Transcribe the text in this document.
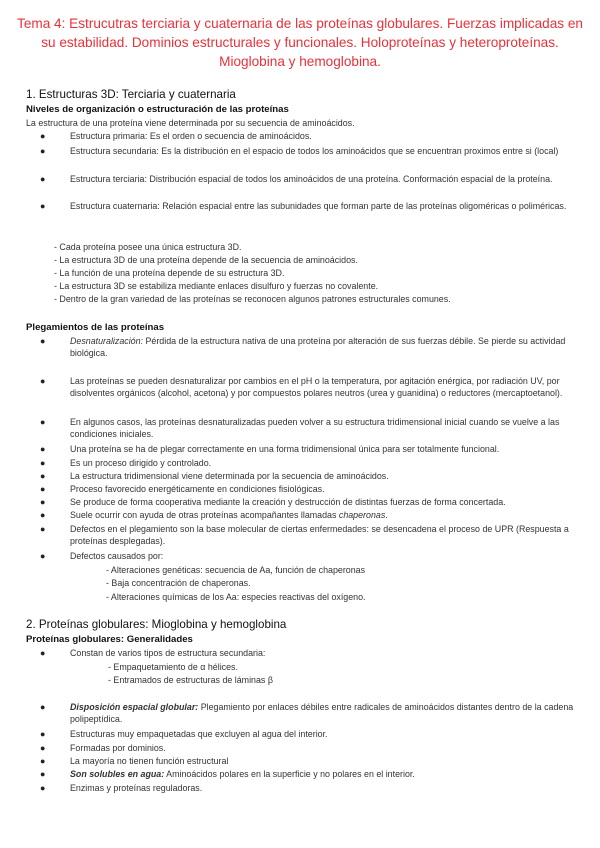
Tema 4: Estrucutras terciaria y cuaternaria de las proteínas globulares. Fuerzas implicadas en su estabilidad. Dominios estructurales y funcionales. Holoproteínas y heteroproteínas. Mioglobina y hemoglobina.
1. Estructuras 3D: Terciaria y cuaternaria
Niveles de organización o estructuración de las proteínas
La estructura de una proteína viene determinada por su secuencia de aminoácidos.
●	Estructura primaria: Es el orden o secuencia de aminoácidos.
●	Estructura secundaria: Es la distribución en el espacio de todos los aminoácidos que se encuentran proximos entre si (local)
●	Estructura terciaria: Distribución espacial de todos los aminoácidos de una proteína. Conformación espacial de la proteína.
●	Estructura cuaternaria: Relación espacial entre las subunidades que forman parte de las proteínas oligoméricas o poliméricas.
- Cada proteína posee una única estructura 3D.
- La estructura 3D de una proteína depende de la secuencia de aminoácidos.
- La función de una proteína depende de su estructura 3D.
- La estructura 3D se estabiliza mediante enlaces disulfuro y fuerzas no covalente.
- Dentro de la gran variedad de las proteínas se reconocen algunos patrones estructurales comunes.
Plegamientos de las proteínas
●	Desnaturalización: Pérdida de la estructura nativa de una proteína por alteración de sus fuerzas débile. Se pierde su actividad biológica.
●	Las proteínas se pueden desnaturalizar por cambios en el pH o la temperatura, por agitación enérgica, por radiación UV, por disolventes orgánicos (alcohol, acetona) y por compuestos polares neutros (urea y guanidina) o reductores (mercaptoetanol).
●	En algunos casos, las proteínas desnaturalizadas pueden volver a su estructura tridimensional inicial cuando se vuelve a las condiciones iniciales.
●	Una proteína se ha de plegar correctamente en una forma tridimensional única para ser totalmente funcional.
●	Es un proceso dirigido y controlado.
●	La estructura tridimensional viene determinada por la secuencia de aminoácidos.
●	Proceso favorecido energéticamente en condiciones fisiológicas.
●	Se produce de forma cooperativa mediante la creación y destrucción de distintas fuerzas de forma concertada.
●	Suele ocurrir con ayuda de otras proteínas acompañantes llamadas chaperonas.
●	Defectos en el plegamiento son la base molecular de ciertas enfermedades: se desencadena el proceso de UPR (Respuesta a proteínas desplegadas).
●	Defectos causados por:
- Alteraciones genéticas: secuencia de Aa, función de chaperonas
- Baja concentración de chaperonas.
- Alteraciones químicas de los Aa: especies reactivas del oxígeno.
2. Proteínas globulares: Mioglobina y hemoglobina
Proteínas globulares: Generalidades
●	Constan de varios tipos de estructura secundaria:
- Empaquetamiento de α hélices.
- Entramados de estructuras de láminas β
●	Disposición espacial globular: Plegamiento por enlaces débiles entre radicales de aminoácidos distantes dentro de la cadena polipeptídica.
●	Estructuras muy empaquetadas que excluyen al agua del interior.
●	Formadas por dominios.
●	La mayoría no tienen función estructural
●	Son solubles en agua: Aminoácidos polares en la superficie y no polares en el interior.
●	Enzimas y proteínas reguladoras.
